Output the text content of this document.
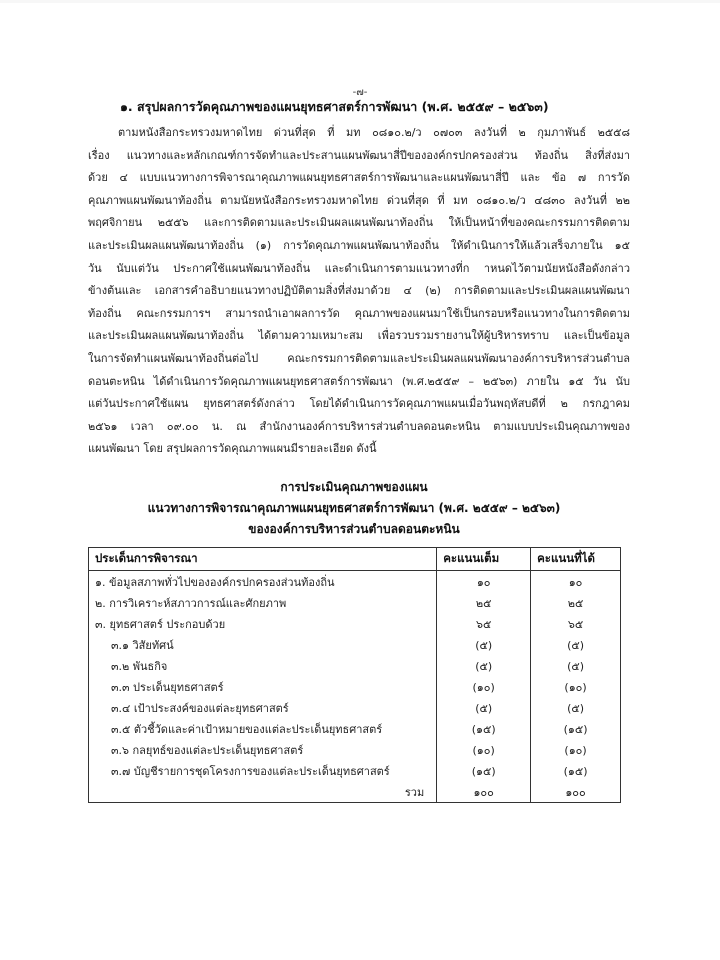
-๗-
๑. สรุปผลการวัดคุณภาพของแผนยุทธศาสตร์การพัฒนา (พ.ศ. ๒๕๕๙ – ๒๕๖๓)
ตามหนังสือกระทรวงมหาดไทย ด่วนที่สุด ที่ มท ๐๘๑๐.๒/ว ๐๗๐๓ ลงวันที่ ๒ กุมภาพันธ์ ๒๕๕๘
เรื่อง แนวทางและหลักเกณฑ์การจัดทำและประสานแผนพัฒนาสี่ปีขององค์กรปกครองส่วน ท้องถิ่น สิ่งที่ส่งมา
ด้วย ๔ แบบแนวทางการพิจารณาคุณภาพแผนยุทธศาสตร์การพัฒนาและแผนพัฒนาสี่ปี และ ข้อ ๗ การวัด
คุณภาพแผนพัฒนาท้องถิ่น ตามนัยหนังสือกระทรวงมหาดไทย ด่วนที่สุด ที่ มท ๐๘๑๐.๒/ว ๔๘๓๐ ลงวันที่ ๒๒
พฤศจิกายน ๒๕๕๖ และการติดตามและประเมินผลแผนพัฒนาท้องถิ่น ให้เป็นหน้าที่ของคณะกรรมการติดตาม
และประเมินผลแผนพัฒนาท้องถิ่น (๑) การวัดคุณภาพแผนพัฒนาท้องถิ่น ให้ดำเนินการให้แล้วเสร็จภายใน ๑๕
วัน นับแต่วัน ประกาศใช้แผนพัฒนาท้องถิ่น และดำเนินการตามแนวทางที่ก าหนดไว้ตามนัยหนังสือดังกล่าว
ข้างต้นและ เอกสารคำอธิบายแนวทางปฏิบัติตามสิ่งที่ส่งมาด้วย ๔ (๒) การติดตามและประเมินผลแผนพัฒนา
ท้องถิ่น คณะกรรมการฯ สามารถนำเอาผลการวัด คุณภาพของแผนมาใช้เป็นกรอบหรือแนวทางในการติดตาม
และประเมินผลแผนพัฒนาท้องถิ่น ได้ตามความเหมาะสม เพื่อรวบรวมรายงานให้ผู้บริหารทราบ และเป็นข้อมูล
ในการจัดทำแผนพัฒนาท้องถิ่นต่อไป คณะกรรมการติดตามและประเมินผลแผนพัฒนาองค์การบริหารส่วนตำบล
ดอนตะหนิน ได้ดำเนินการวัดคุณภาพแผนยุทธศาสตร์การพัฒนา (พ.ศ.๒๕๕๙ – ๒๕๖๓) ภายใน ๑๕ วัน นับ
แต่วันประกาศใช้แผน ยุทธศาสตร์ดังกล่าว โดยได้ดำเนินการวัดคุณภาพแผนเมื่อวันพฤหัสบดีที่ ๒ กรกฎาคม
๒๕๖๑ เวลา ๐๙.๐๐ น. ณ สำนักงานองค์การบริหารส่วนตำบลดอนตะหนิน ตามแบบประเมินคุณภาพของ
แผนพัฒนา โดย สรุปผลการวัดคุณภาพแผนมีรายละเอียด ดังนี้
การประเมินคุณภาพของแผน
แนวทางการพิจารณาคุณภาพแผนยุทธศาสตร์การพัฒนา (พ.ศ. ๒๕๕๙ – ๒๕๖๓)
ขององค์การบริหารส่วนตำบลดอนตะหนิน
ประเด็นการพิจารณา	คะแนนเต็ม	คะแนนที่ได้
๑. ข้อมูลสภาพทั่วไปขององค์กรปกครองส่วนท้องถิ่น	๑๐	๑๐
๒. การวิเคราะห์สภาวการณ์และศักยภาพ	๒๕	๒๕
๓. ยุทธศาสตร์ ประกอบด้วย	๖๕	๖๕
๓.๑ วิสัยทัศน์	(๕)	(๕)
๓.๒ พันธกิจ	(๕)	(๕)
๓.๓ ประเด็นยุทธศาสตร์	(๑๐)	(๑๐)
๓.๔ เป้าประสงค์ของแต่ละยุทธศาสตร์	(๕)	(๕)
๓.๕ ตัวชี้วัดและค่าเป้าหมายของแต่ละประเด็นยุทธศาสตร์	(๑๕)	(๑๕)
๓.๖ กลยุทธ์ของแต่ละประเด็นยุทธศาสตร์	(๑๐)	(๑๐)
๓.๗ บัญชีรายการชุดโครงการของแต่ละประเด็นยุทธศาสตร์	(๑๕)	(๑๕)
รวม	๑๐๐	๑๐๐
